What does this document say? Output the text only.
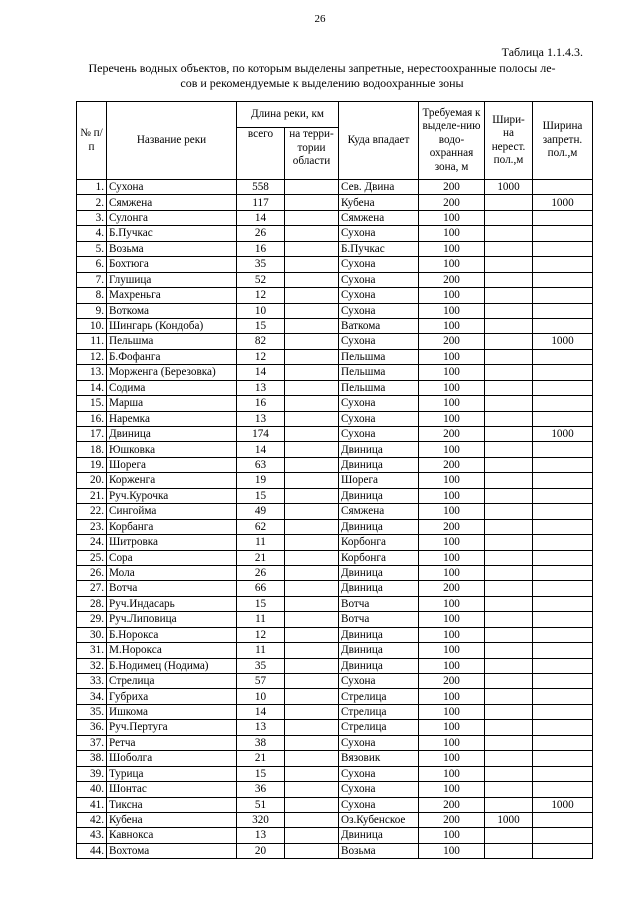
26
Таблица 1.1.4.3.
Перечень водных объектов, по которым выделены запретные, нерестоохранные полосы ле-
сов и рекомендуемые к выделению водоохранные зоны
№ п/п	Название реки	Длина реки, км		Куда впадает	Требуемая к выделе-нию водо-охранная зона, м	Шири-на нерест. пол.,м	Ширина запретн. пол.,м
		всего	на терри-тории области				
1.	Сухона	558		Сев. Двина	200	1000	
2.	Сямжена	117		Кубена	200		1000
3.	Сулонга	14		Сямжена	100		
4.	Б.Пучкас	26		Сухона	100		
5.	Возьма	16		Б.Пучкас	100		
6.	Бохтюга	35		Сухона	100		
7.	Глушица	52		Сухона	200		
8.	Махреньга	12		Сухона	100		
9.	Воткома	10		Сухона	100		
10.	Шингарь (Кондоба)	15		Ваткома	100		
11.	Пельшма	82		Сухона	200		1000
12.	Б.Фофанга	12		Пельшма	100		
13.	Морженга (Березовка)	14		Пельшма	100		
14.	Содима	13		Пельшма	100		
15.	Марша	16		Сухона	100		
16.	Наремка	13		Сухона	100		
17.	Двиница	174		Сухона	200		1000
18.	Юшковка	14		Двиница	100		
19.	Шорега	63		Двиница	200		
20.	Корженга	19		Шорега	100		
21.	Руч.Курочка	15		Двиница	100		
22.	Сингойма	49		Сямжена	100		
23.	Корбанга	62		Двиница	200		
24.	Шитровка	11		Корбонга	100		
25.	Сора	21		Корбонга	100		
26.	Мола	26		Двиница	100		
27.	Вотча	66		Двиница	200		
28.	Руч.Индасарь	15		Вотча	100		
29.	Руч.Липовица	11		Вотча	100		
30.	Б.Норокса	12		Двиница	100		
31.	М.Норокса	11		Двиница	100		
32.	Б.Нодимец (Нодима)	35		Двиница	100		
33.	Стрелица	57		Сухона	200		
34.	Губриха	10		Стрелица	100		
35.	Ишкома	14		Стрелица	100		
36.	Руч.Пертуга	13		Стрелица	100		
37.	Ретча	38		Сухона	100		
38.	Шоболга	21		Вязовик	100		
39.	Турица	15		Сухона	100		
40.	Шонтас	36		Сухона	100		
41.	Тиксна	51		Сухона	200		1000
42.	Кубена	320		Оз.Кубенское	200	1000	
43.	Кавнокса	13		Двиница	100		
44.	Вохтома	20		Возьма	100		
